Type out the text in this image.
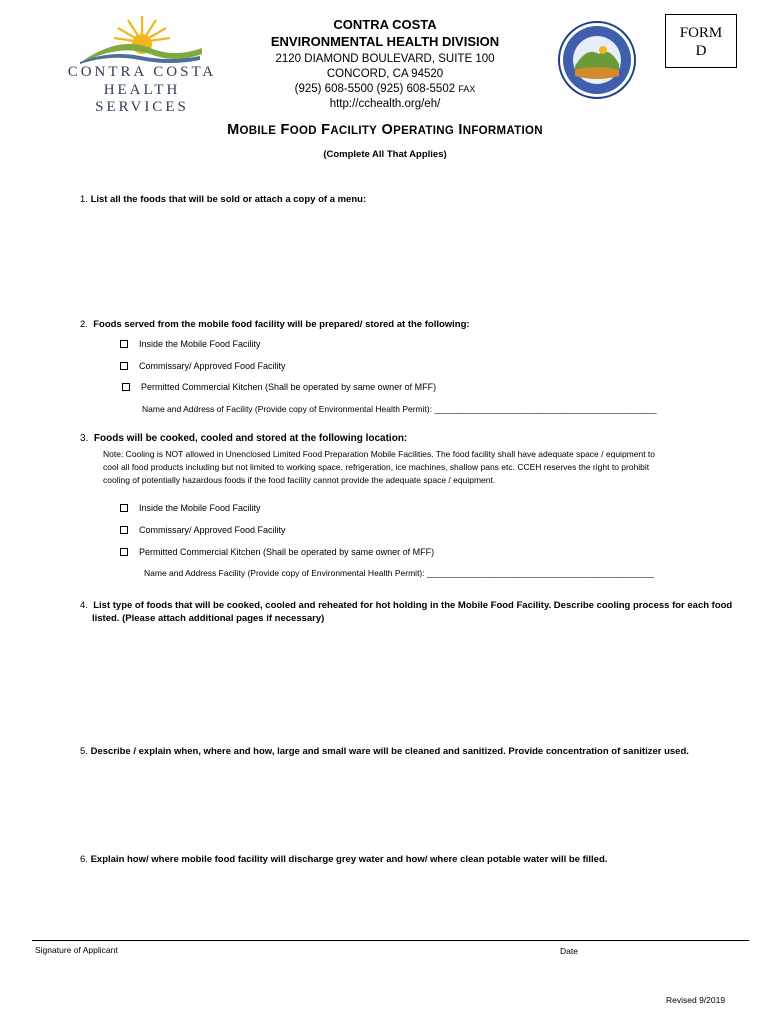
CONTRA COSTA
HEALTH SERVICES
CONTRA COSTA
ENVIRONMENTAL HEALTH DIVISION
2120 DIAMOND BOULEVARD, SUITE 100
CONCORD, CA 94520
(925) 608-5500 (925) 608-5502 FAX
http://cchealth.org/eh/
FORM
D
MOBILE FOOD FACILITY OPERATING INFORMATION
(Complete All That Applies)
1. List all the foods that will be sold or attach a copy of a menu:
2. Foods served from the mobile food facility will be prepared/ stored at the following:
Inside the Mobile Food Facility
Commissary/ Approved Food Facility
Permitted Commercial Kitchen (Shall be operated by same owner of MFF)
Name and Address of Facility (Provide copy of Environmental Health Permit): _______________________________________________
3. Foods will be cooked, cooled and stored at the following location:
Note: Cooling is NOT allowed in Unenclosed Limited Food Preparation Mobile Facilities. The food facility shall have adequate space / equipment to
cool all food products including but not limited to working space, refrigeration, ice machines, shallow pans etc. CCEH reserves the right to prohibit
cooling of potentially hazardous foods if the food facility cannot provide the adequate space / equipment.
Inside the Mobile Food Facility
Commissary/ Approved Food Facility
Permitted Commercial Kitchen (Shall be operated by same owner of MFF)
Name and Address Facility (Provide copy of Environmental Health Permit): ________________________________________________
4. List type of foods that will be cooked, cooled and reheated for hot holding in the Mobile Food Facility. Describe cooling process for each food
listed. (Please attach additional pages if necessary)
5. Describe / explain when, where and how, large and small ware will be cleaned and sanitized. Provide concentration of sanitizer used.
6. Explain how/ where mobile food facility will discharge grey water and how/ where clean potable water will be filled.
Signature of Applicant	Date
Revised 9/2019
